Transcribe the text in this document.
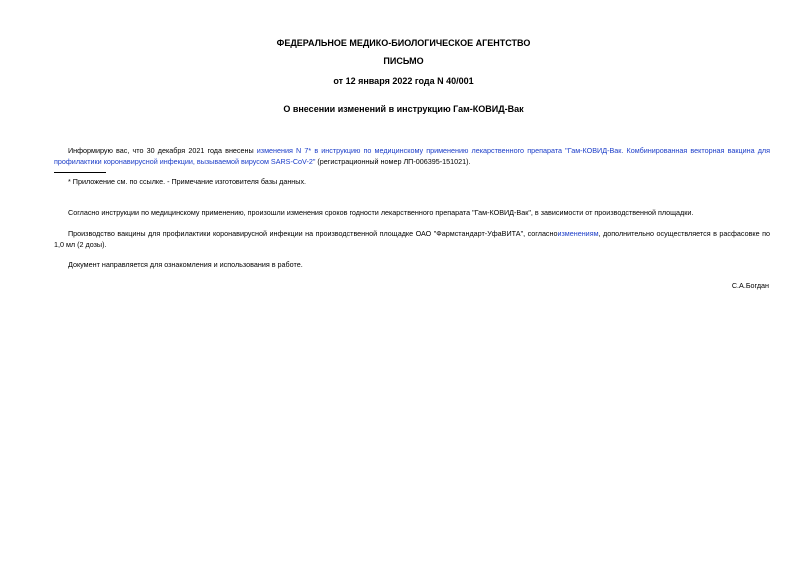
ФЕДЕРАЛЬНОЕ МЕДИКО-БИОЛОГИЧЕСКОЕ АГЕНТСТВО
ПИСЬМО
от 12 января 2022 года N 40/001
О внесении изменений в инструкцию Гам-КОВИД-Вак
Информирую вас, что 30 декабря 2021 года внесены изменения N 7* в инструкцию по медицинскому применению лекарственного препарата "Гам-КОВИД-Вак. Комбинированная векторная вакцина для профилактики коронавирусной инфекции, вызываемой вирусом SARS-CoV-2" (регистрационный номер ЛП-006395-151021).
* Приложение см. по ссылке. - Примечание изготовителя базы данных.
Согласно инструкции по медицинскому применению, произошли изменения сроков годности лекарственного препарата "Гам-КОВИД-Вак", в зависимости от производственной площадки.
Производство вакцины для профилактики коронавирусной инфекции на производственной площадке ОАО "Фармстандарт-УфаВИТА", согласноизменениям, дополнительно осуществляется в расфасовке по 1,0 мл (2 дозы).
Документ направляется для ознакомления и использования в работе.
С.А.Богдан
